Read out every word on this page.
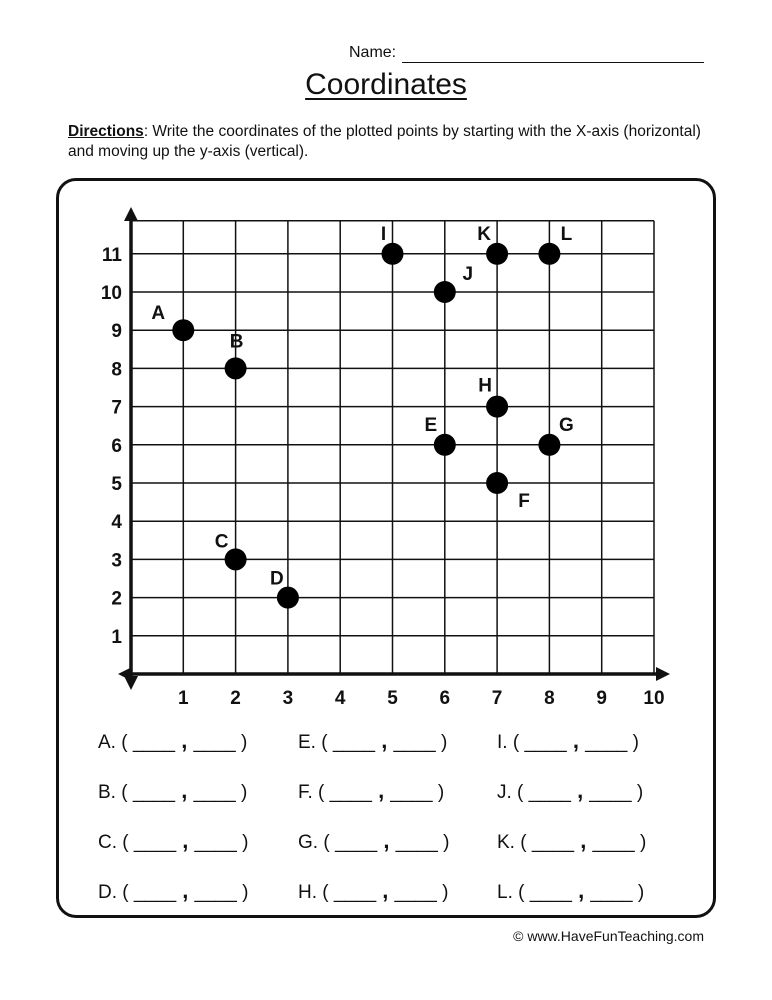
Name:
Coordinates
Directions: Write the coordinates of the plotted points by starting with the X-axis (horizontal) and moving up the y-axis (vertical).
1 2 3 4 5 6 7 8 9 10
1
2
3
4
5
6
7
8
9
10
11
A
B
C
D
E
F
G
H
I
J
K	L
A. ( ____ , ____ )
B. ( ____ , ____ )
C. ( ____ , ____ )
D. ( ____ , ____ )
E. ( ____ , ____ )
F. ( ____ , ____ )
G. ( ____ , ____ )
H. ( ____ , ____ )
I. ( ____ , ____ )
J. ( ____ , ____ )
K. ( ____ , ____ )
L. ( ____ , ____ )
© www.HaveFunTeaching.com
